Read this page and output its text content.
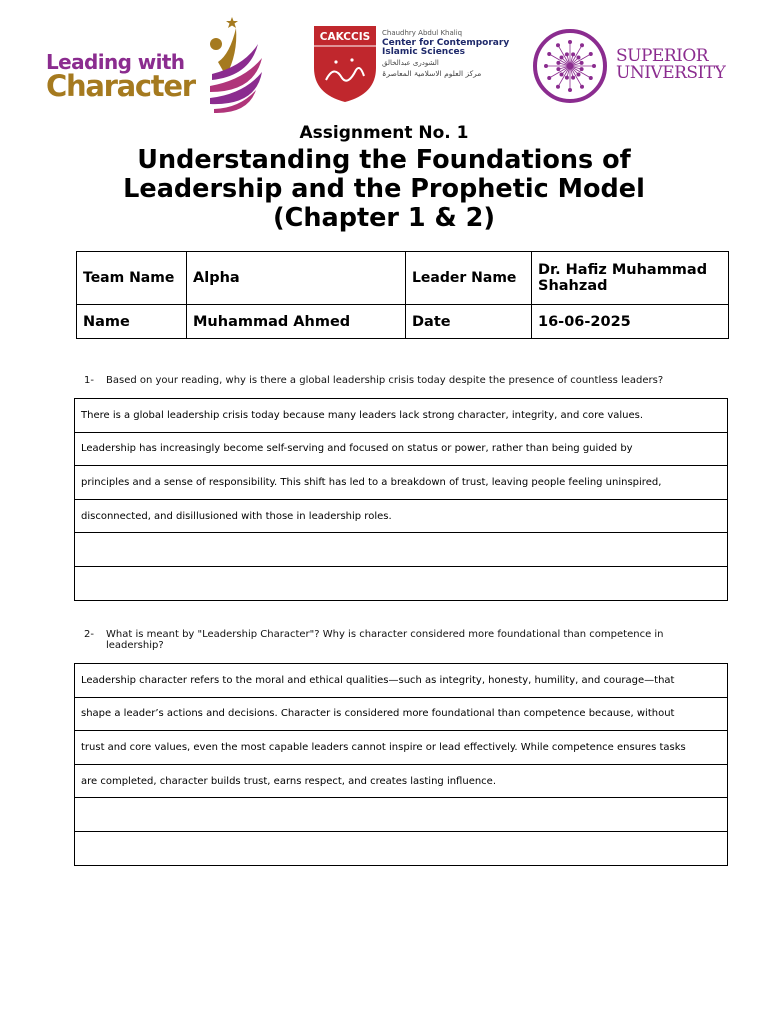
Leading with
Character
CAKCCIS Chaudhry Abdul Khaliq
Center for Contemporary
Islamic Sciences
الشودری عبدالخالق
مرکز العلوم الاسلامیۃ المعاصرۃ
SUPERIOR
UNIVERSITY
Assignment No. 1
Understanding the Foundations of
Leadership and the Prophetic Model
(Chapter 1 & 2)
Team Name	Alpha	Leader Name	Dr. Hafiz Muhammad Shahzad
Name	Muhammad Ahmed	Date	16-06-2025
1- Based on your reading, why is there a global leadership crisis today despite the presence of countless leaders?
There is a global leadership crisis today because many leaders lack strong character, integrity, and core values.
Leadership has increasingly become self-serving and focused on status or power, rather than being guided by
principles and a sense of responsibility. This shift has led to a breakdown of trust, leaving people feeling uninspired,
disconnected, and disillusioned with those in leadership roles.
2- What is meant by "Leadership Character"? Why is character considered more foundational than competence in leadership?
Leadership character refers to the moral and ethical qualities—such as integrity, honesty, humility, and courage—that
shape a leader’s actions and decisions. Character is considered more foundational than competence because, without
trust and core values, even the most capable leaders cannot inspire or lead effectively. While competence ensures tasks
are completed, character builds trust, earns respect, and creates lasting influence.
